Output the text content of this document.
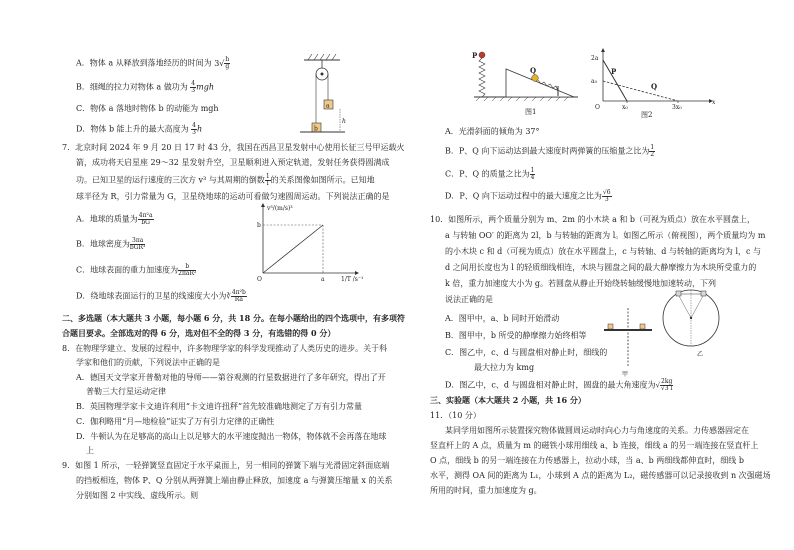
A．物体 a 从释放到落地经历的时间为 $3√ \frac{h}{g}$
B．细绳的拉力对物体 a 做功为 $\frac{4}{3}$ mgh
C．物体 a 落地时物体 b 的动能为 mgh
D．物体 b 能上升的最大高度为 $\frac{4}{3}$ h
a
b
h
7．北京时间 2024 年 9 月 20 日 17 时 43 分，我国在西昌卫星发射中心使用长征三号甲运载火
箭，成功将天启星座 29～32 星发射升空，卫星顺利进入预定轨道，发射任务获得圆满成
功。已知卫星的运行速度的三次方 v³ 与其周期的倒数 $\frac{1}{T}$ 的关系图像如图所示。已知地
球半径为 R，引力常量为 G，卫星绕地球的运动可看做匀速圆周运动。下列说法正确的是
A．地球的质量为 $\frac{\text{4π²a}}{bG}$
B．地球密度为 $\frac{3\pi a}{\text{bGR³}}$
C．地球表面的重力加速度为 $\frac{b}{\text{2πaR²}}$
D．绕地球表面运行的卫星的线速度大小为∛ $\frac{\text{4π²b}}{Ra}$
v³/(m/s)³
1/T /s⁻¹
b
a
O
二、多选题（本大题共 3 小题，每小题 6 分，共 18 分。在每小题给出的四个选项中，有多项符
合题目要求。全部选对的得 6 分，选对但不全的得 3 分，有选错的得 0 分）
8．在物理学建立、发展的过程中，许多物理学家的科学发现推动了人类历史的进步。关于科
学家和他们的贡献，下列说法中正确的是
A．德国天文学家开普勒对他的导师——第谷观测的行星数据进行了多年研究，得出了开
普勒三大行星运动定律
B．英国物理学家卡文迪许利用“卡文迪许扭秤”首先较准确地测定了万有引力常量
C．伽利略用“月—地检验”证实了万有引力定律的正确性
D．牛顿认为在足够高的高山上以足够大的水平速度抛出一物体，物体就不会再落在地球
上
9．如图 1 所示，一轻弹簧竖直固定于水平桌面上，另一相同的弹簧下端与光滑固定斜面底端
的挡板相连，物体 P、Q 分别从两弹簧上端由静止释放，加速度 a 与弹簧压缩量 x 的关系
分别如图 2 中实线、虚线所示。则
P
Q
图1
2a
a₀
P
Q
O	x₀	3x₀
x
图2
A．光滑斜面的倾角为 37°
B．P、Q 向下运动达到最大速度时两弹簧的压缩量之比为 $\frac{1}{2}$
C．P、Q 的质量之比为 $\frac{1}{4}$
D．P、Q 向下运动过程中的最大速度之比为 $\frac{√6}{3}$
10．如图所示，两个质量分别为 m、2m 的小木块 a 和 b（可视为质点）放在水平圆盘上，
a 与转轴 OO′ 的距离为 2l，b 与转轴的距离为 l。如图乙所示（俯视图），两个质量均为 m
的小木块 c 和 d（可视为质点）放在水平圆盘上，c 与转轴、d 与转轴的距离均为 l，c 与
d 之间用长度也为 l 的轻质细线相连，木块与圆盘之间的最大静摩擦力为木块所受重力的
k 倍，重力加速度大小为 g。若圆盘从静止开始绕转轴缓慢地加速转动，下列
说法正确的是
A．图甲中，a、b 同时开始滑动
B．图甲中，b 所受的静摩擦力始终相等
C．图乙中，c、d 与圆盘相对静止时，细线的
最大拉力为 kmg
D．图乙中，c、d 与圆盘相对静止时，圆盘的最大角速度为√ $\frac{2kg}{√3 l}$
甲
乙
三、实验题（本大题共 2 小题，共 16 分）
11．（10 分）
某同学用如图所示装置探究物体做圆周运动时向心力与角速度的关系。力传感器固定在
竖直杆上的 A 点，质量为 m 的磁铁小球用细线 a、b 连接，细线 a 的另一端连接在竖直杆上
O 点，细线 b 的另一端连接在力传感器上，拉动小球，当 a、b 两细线都伸直时，细线 b
水平，测得 OA 间的距离为 L₁，小球到 A 点的距离为 L₂，磁传感器可以记录接收到 n 次强磁场
所用的时间，重力加速度为 g。
